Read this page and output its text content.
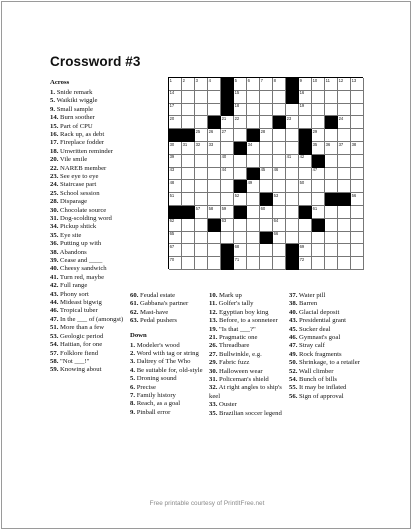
Crossword #3
1	2	3	4	5	6	7	8	9	10 11 12 13
14	15	16
17	18	19
20	21 22	23	24
25 26 27	28	29
30 31 32 33	34	35 36 37 38
39	40	41 42
43	44	45 46	47
48	49	50
51	52	53	56
57 58 59	60	61
62	63	64
65	66
67	68	69
70	71	72
Across
1. Snide remark
5. Waikiki wiggle
9. Small sample
14. Burn soother
15. Part of CPU
16. Rack up, as debt
17. Fireplace fodder
18. Unwritten reminder
20. Vile smile
22. NAREB member
23. See eye to eye
24. Staircase part
25. School session
28. Disparage
30. Chocolate source
31. Dog-scolding word
34. Pickup shtick
35. Eye site
36. Putting up with
38. Abandons
39. Cease and ____
40. Cheesy sandwich
41. Turn red, maybe
42. Full range
43. Phony sort
44. Mideast bigwig
46. Tropical tuber
47. In the ___ of (amongst)
51. More than a few
53. Geologic period
54. Haitian, for one
57. Folklore fiend
58. "Not ___!"
59. Knowing about
60. Feudal estate
61. Gabbana's partner
62. Mast-have
63. Pedal pushers
Down
1. Modeler's wood
2. Word with tag or string
3. Daltrey of The Who
4. Be suitable for, old-style
5. Droning sound
6. Precise
7. Family history
8. Reach, as a goal
9. Pinball error
10. Mark up
11. Golfer's tally
12. Egyptian boy king
13. Before, to a sonneteer
19. "Is that ___?"
21. Pragmatic one
26. Threadbare
27. Bullwinkle, e.g.
29. Fabric fuzz
30. Halloween wear
31. Policeman's shield
32. At right angles to ship's keel
33. Ouster
35. Brazilian soccer legend
37. Water pill
38. Barren
40. Glacial deposit
43. Presidential grant
45. Sucker deal
46. Gymnast's goal
47. Stray calf
49. Rock fragments
50. Shrinkage, to a retailer
52. Wall climber
54. Bunch of bills
55. It may be inflated
56. Sign of approval
Free printable courtesy of PrintItFree.net
